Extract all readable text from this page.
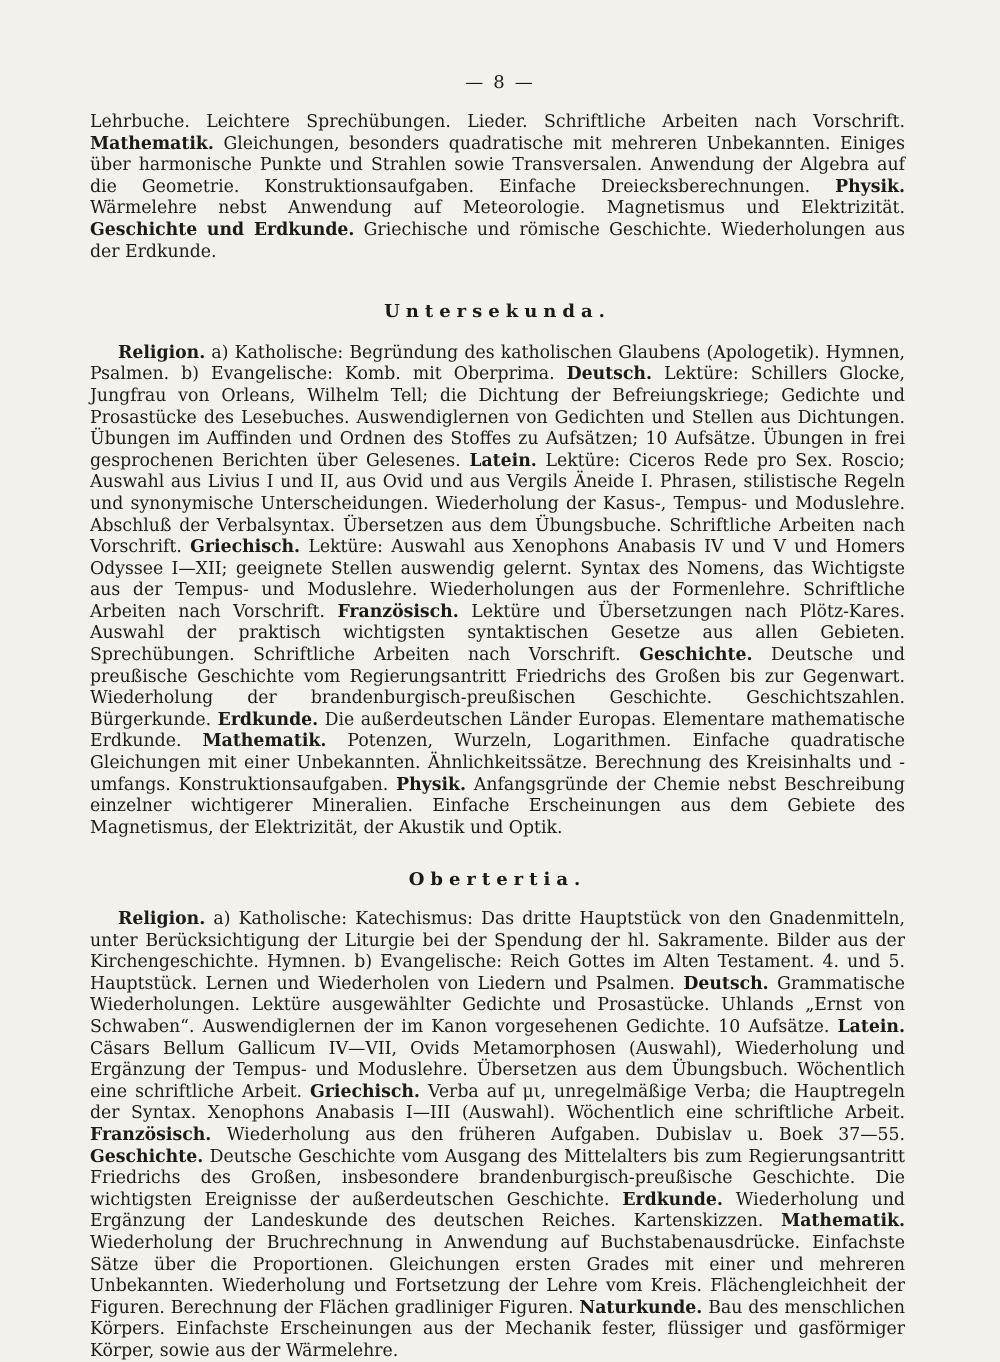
— 8 —

Lehrbuche. Leichtere Sprechübungen. Lieder. Schriftliche Arbeiten nach Vorschrift. Mathematik. Gleichungen, besonders quadratische mit mehreren Unbekannten. Einiges über harmonische Punkte und Strahlen sowie Transversalen. Anwendung der Algebra auf die Geometrie. Konstruktionsaufgaben. Einfache Dreiecksberechnungen. Physik. Wärmelehre nebst Anwendung auf Meteorologie. Magnetismus und Elektrizität. Geschichte und Erdkunde. Griechische und römische Geschichte. Wiederholungen aus der Erdkunde.

Untersekunda.

Religion. a) Katholische: Begründung des katholischen Glaubens (Apologetik). Hymnen, Psalmen. b) Evangelische: Komb. mit Oberprima. Deutsch. Lektüre: Schillers Glocke, Jungfrau von Orleans, Wilhelm Tell; die Dichtung der Befreiungskriege; Gedichte und Prosastücke des Lesebuches. Auswendiglernen von Gedichten und Stellen aus Dichtungen. Übungen im Auffinden und Ordnen des Stoffes zu Aufsätzen; 10 Aufsätze. Übungen in frei gesprochenen Berichten über Gelesenes. Latein. Lektüre: Ciceros Rede pro Sex. Roscio; Auswahl aus Livius I und II, aus Ovid und aus Vergils Äneide I. Phrasen, stilistische Regeln und synonymische Unterscheidungen. Wiederholung der Kasus-, Tempus- und Moduslehre. Abschluß der Verbalsyntax. Übersetzen aus dem Übungsbuche. Schriftliche Arbeiten nach Vorschrift. Griechisch. Lektüre: Auswahl aus Xenophons Anabasis IV und V und Homers Odyssee I—XII; geeignete Stellen auswendig gelernt. Syntax des Nomens, das Wichtigste aus der Tempus- und Moduslehre. Wiederholungen aus der Formenlehre. Schriftliche Arbeiten nach Vorschrift. Französisch. Lektüre und Übersetzungen nach Plötz-Kares. Auswahl der praktisch wichtigsten syntaktischen Gesetze aus allen Gebieten. Sprechübungen. Schriftliche Arbeiten nach Vorschrift. Geschichte. Deutsche und preußische Geschichte vom Regierungsantritt Friedrichs des Großen bis zur Gegenwart. Wiederholung der brandenburgisch-preußischen Geschichte. Geschichtszahlen. Bürgerkunde. Erdkunde. Die außerdeutschen Länder Europas. Elementare mathematische Erdkunde. Mathematik. Potenzen, Wurzeln, Logarithmen. Einfache quadratische Gleichungen mit einer Unbekannten. Ähnlichkeitssätze. Berechnung des Kreisinhalts und -umfangs. Konstruktionsaufgaben. Physik. Anfangsgründe der Chemie nebst Beschreibung einzelner wichtigerer Mineralien. Einfache Erscheinungen aus dem Gebiete des Magnetismus, der Elektrizität, der Akustik und Optik.

Obertertia.

Religion. a) Katholische: Katechismus: Das dritte Hauptstück von den Gnadenmitteln, unter Berücksichtigung der Liturgie bei der Spendung der hl. Sakramente. Bilder aus der Kirchengeschichte. Hymnen. b) Evangelische: Reich Gottes im Alten Testament. 4. und 5. Hauptstück. Lernen und Wiederholen von Liedern und Psalmen. Deutsch. Grammatische Wiederholungen. Lektüre ausgewählter Gedichte und Prosastücke. Uhlands „Ernst von Schwaben“. Auswendiglernen der im Kanon vorgesehenen Gedichte. 10 Aufsätze. Latein. Cäsars Bellum Gallicum IV—VII, Ovids Metamorphosen (Auswahl), Wiederholung und Ergänzung der Tempus- und Moduslehre. Übersetzen aus dem Übungsbuch. Wöchentlich eine schriftliche Arbeit. Griechisch. Verba auf μι, unregelmäßige Verba; die Hauptregeln der Syntax. Xenophons Anabasis I—III (Auswahl). Wöchentlich eine schriftliche Arbeit. Französisch. Wiederholung aus den früheren Aufgaben. Dubislav u. Boek 37—55. Geschichte. Deutsche Geschichte vom Ausgang des Mittelalters bis zum Regierungsantritt Friedrichs des Großen, insbesondere brandenburgisch-preußische Geschichte. Die wichtigsten Ereignisse der außerdeutschen Geschichte. Erdkunde. Wiederholung und Ergänzung der Landeskunde des deutschen Reiches. Kartenskizzen. Mathematik. Wiederholung der Bruchrechnung in Anwendung auf Buchstabenausdrücke. Einfachste Sätze über die Proportionen. Gleichungen ersten Grades mit einer und mehreren Unbekannten. Wiederholung und Fortsetzung der Lehre vom Kreis. Flächengleichheit der Figuren. Berechnung der Flächen gradliniger Figuren. Naturkunde. Bau des menschlichen Körpers. Einfachste Erscheinungen aus der Mechanik fester, flüssiger und gasförmiger Körper, sowie aus der Wärmelehre.
